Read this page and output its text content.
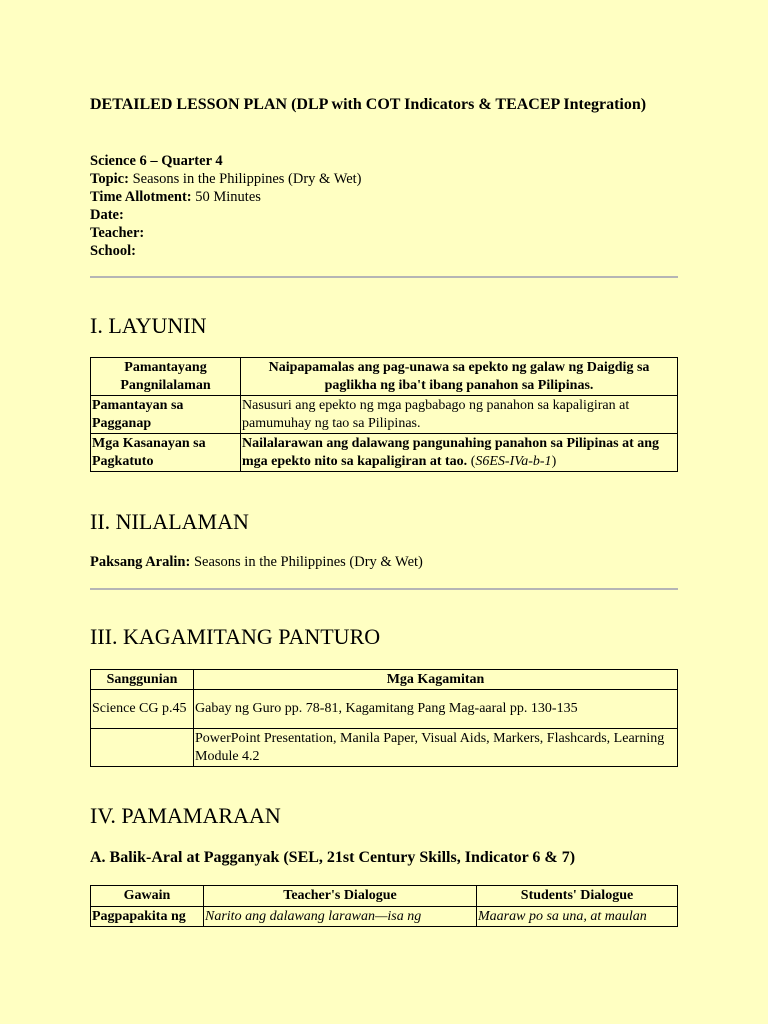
DETAILED LESSON PLAN (DLP with COT Indicators & TEACEP Integration)
Science 6 – Quarter 4
Topic: Seasons in the Philippines (Dry & Wet)
Time Allotment: 50 Minutes
Date:
Teacher:
School:
I. LAYUNIN
Pamantayang Pangnilalaman	Naipapamalas ang pag-unawa sa epekto ng galaw ng Daigdig sa paglikha ng iba't ibang panahon sa Pilipinas.
Pamantayan sa Pagganap	Nasusuri ang epekto ng mga pagbabago ng panahon sa kapaligiran at pamumuhay ng tao sa Pilipinas.
Mga Kasanayan sa Pagkatuto	Nailalarawan ang dalawang pangunahing panahon sa Pilipinas at ang mga epekto nito sa kapaligiran at tao. (S6ES-IVa-b-1)
II. NILALAMAN
Paksang Aralin: Seasons in the Philippines (Dry & Wet)
III. KAGAMITANG PANTURO
Sanggunian	Mga Kagamitan
Science CG p.45	Gabay ng Guro pp. 78-81, Kagamitang Pang Mag-aaral pp. 130-135
	PowerPoint Presentation, Manila Paper, Visual Aids, Markers, Flashcards, Learning Module 4.2
IV. PAMAMARAAN
A. Balik-Aral at Pagganyak (SEL, 21st Century Skills, Indicator 6 & 7)
Gawain	Teacher's Dialogue	Students' Dialogue
Pagpapakita ng	Narito ang dalawang larawan—isa ng	Maaraw po sa una, at maulan
